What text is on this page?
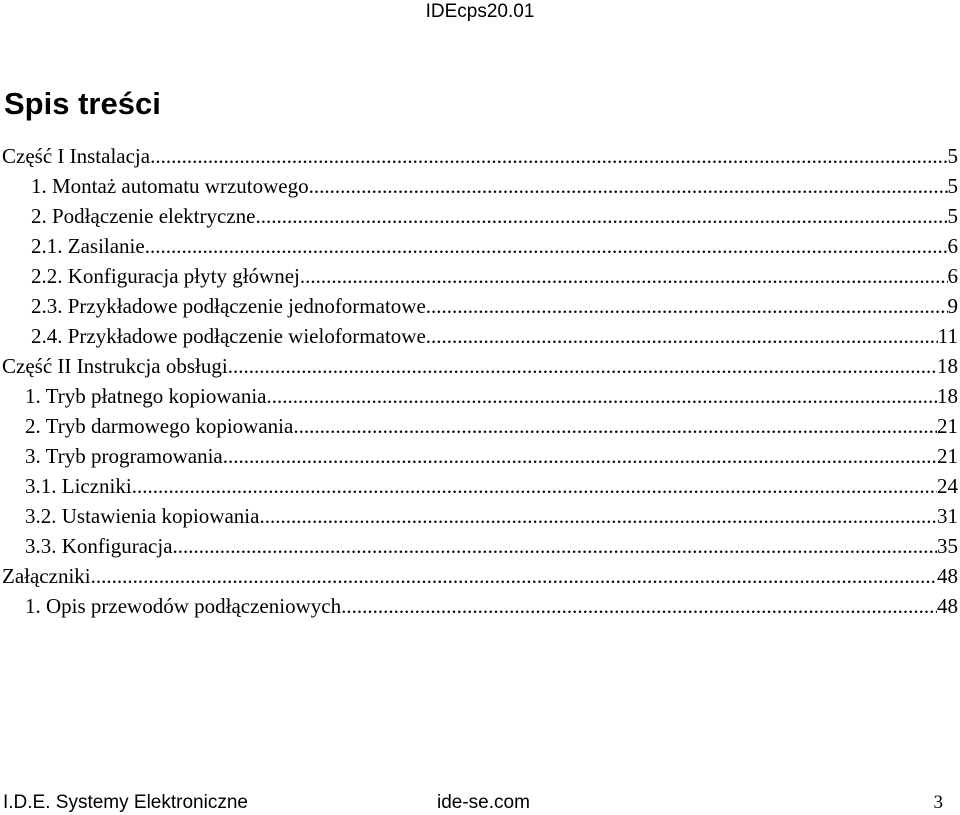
IDEcps20.01
Spis treści
Część I Instalacja .....	5
1. Montaż automatu wrzutowego .....	5
2. Podłączenie elektryczne .....	5
2.1. Zasilanie .....	6
2.2. Konfiguracja płyty głównej .....	6
2.3. Przykładowe podłączenie jednoformatowe .....	9
2.4. Przykładowe podłączenie wieloformatowe .....	11
Część II Instrukcja obsługi .....	18
1. Tryb płatnego kopiowania .....	18
2. Tryb darmowego kopiowania .....	21
3. Tryb programowania .....	21
3.1. Liczniki .....	24
3.2. Ustawienia kopiowania .....	31
3.3. Konfiguracja .....	35
Załączniki .....	48
1. Opis przewodów podłączeniowych .....	48
I.D.E. Systemy Elektroniczne	ide-se.com	3
